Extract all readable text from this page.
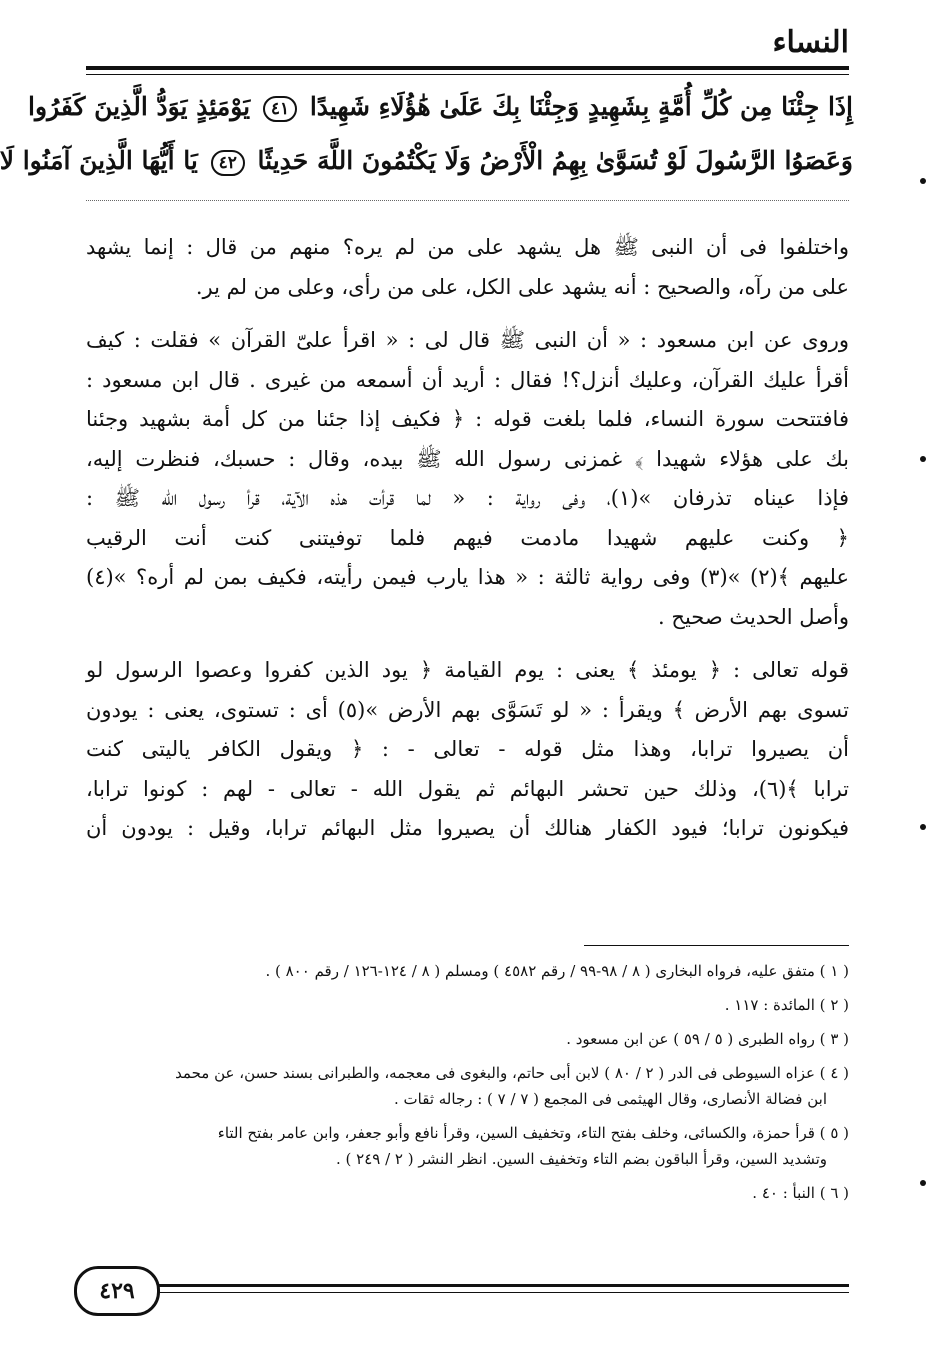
النساء
إِذَا جِئْنَا مِن كُلِّ أُمَّةٍ بِشَهِيدٍ وَجِئْنَا بِكَ عَلَىٰ هَٰؤُلَاءِ شَهِيدًا ٤١ يَوْمَئِذٍ يَوَدُّ الَّذِينَ كَفَرُوا
وَعَصَوُا الرَّسُولَ لَوْ تُسَوَّىٰ بِهِمُ الْأَرْضُ وَلَا يَكْتُمُونَ اللَّهَ حَدِيثًا ٤٢ يَا أَيُّهَا الَّذِينَ آمَنُوا لَا
واختلفوا فى أن النبى ﷺ هل يشهد على من لم يره؟ منهم من قال : إنما يشهد
على من رآه، والصحيح : أنه يشهد على الكل، على من رأى، وعلى من لم ير.
وروى عن ابن مسعود : « أن النبى ﷺ قال لى : « اقرأ علىّ القرآن » فقلت : كيف
أقرأ عليك القرآن، وعليك أنزل؟! فقال : أريد أن أسمعه من غيرى . قال ابن مسعود :
فافتتحت سورة النساء، فلما بلغت قوله : ﴿ فكيف إذا جئنا من كل أمة بشهيد وجئنا
بك على هؤلاء شهيدا ﴾ غمزنى رسول الله ﷺ بيده، وقال : حسبك، فنظرت إليه،
فإذا عيناه تذرفان »(١)، وفى رواية : « لما قرأت هذه الآية، قرأ رسول الله ﷺ :
﴿ وكنت عليهم شهيدا مادمت فيهم فلما توفيتنى كنت أنت الرقيب
عليهم ﴾(٢) »(٣) وفى رواية ثالثة : « هذا يارب فيمن رأيته، فكيف بمن لم أره؟ »(٤)
وأصل الحديث صحيح .
قوله تعالى : ﴿ يومئذ ﴾ يعنى : يوم القيامة ﴿ يود الذين كفروا وعصوا الرسول لو
تسوى بهم الأرض ﴾ ويقرأ : « لو تَسَوَّى بهم الأرض »(٥) أى : تستوى، يعنى : يودون
أن يصيروا ترابا، وهذا مثل قوله - تعالى - : ﴿ ويقول الكافر ياليتى كنت
ترابا ﴾(٦)، وذلك حين تحشر البهائم ثم يقول الله - تعالى - لهم : كونوا ترابا،
فيكونون ترابا؛ فيود الكفار هنالك أن يصيروا مثل البهائم ترابا، وقيل : يودون أن
( ١ ) متفق عليه، فرواه البخارى ( ٨ / ٩٨-٩٩ / رقم ٤٥٨٢ ) ومسلم ( ٨ / ١٢٤-١٢٦ / رقم ٨٠٠ ) .
( ٢ ) المائدة : ١١٧ .
( ٣ ) رواه الطبرى ( ٥ / ٥٩ ) عن ابن مسعود .
( ٤ ) عزاه السيوطى فى الدر ( ٢ / ٨٠ ) لابن أبى حاتم، والبغوى فى معجمه، والطبرانى بسند حسن، عن محمد
ابن فضالة الأنصارى، وقال الهيثمى فى المجمع ( ٧ / ٧ ) : رجاله ثقات .
( ٥ ) قرأ حمزة، والكسائى، وخلف بفتح التاء، وتخفيف السين، وقرأ نافع وأبو جعفر، وابن عامر بفتح التاء
وتشديد السين، وقرأ الباقون بضم التاء وتخفيف السين. انظر النشر ( ٢ / ٢٤٩ ) .
( ٦ ) النبأ : ٤٠ .
٤٢٩
